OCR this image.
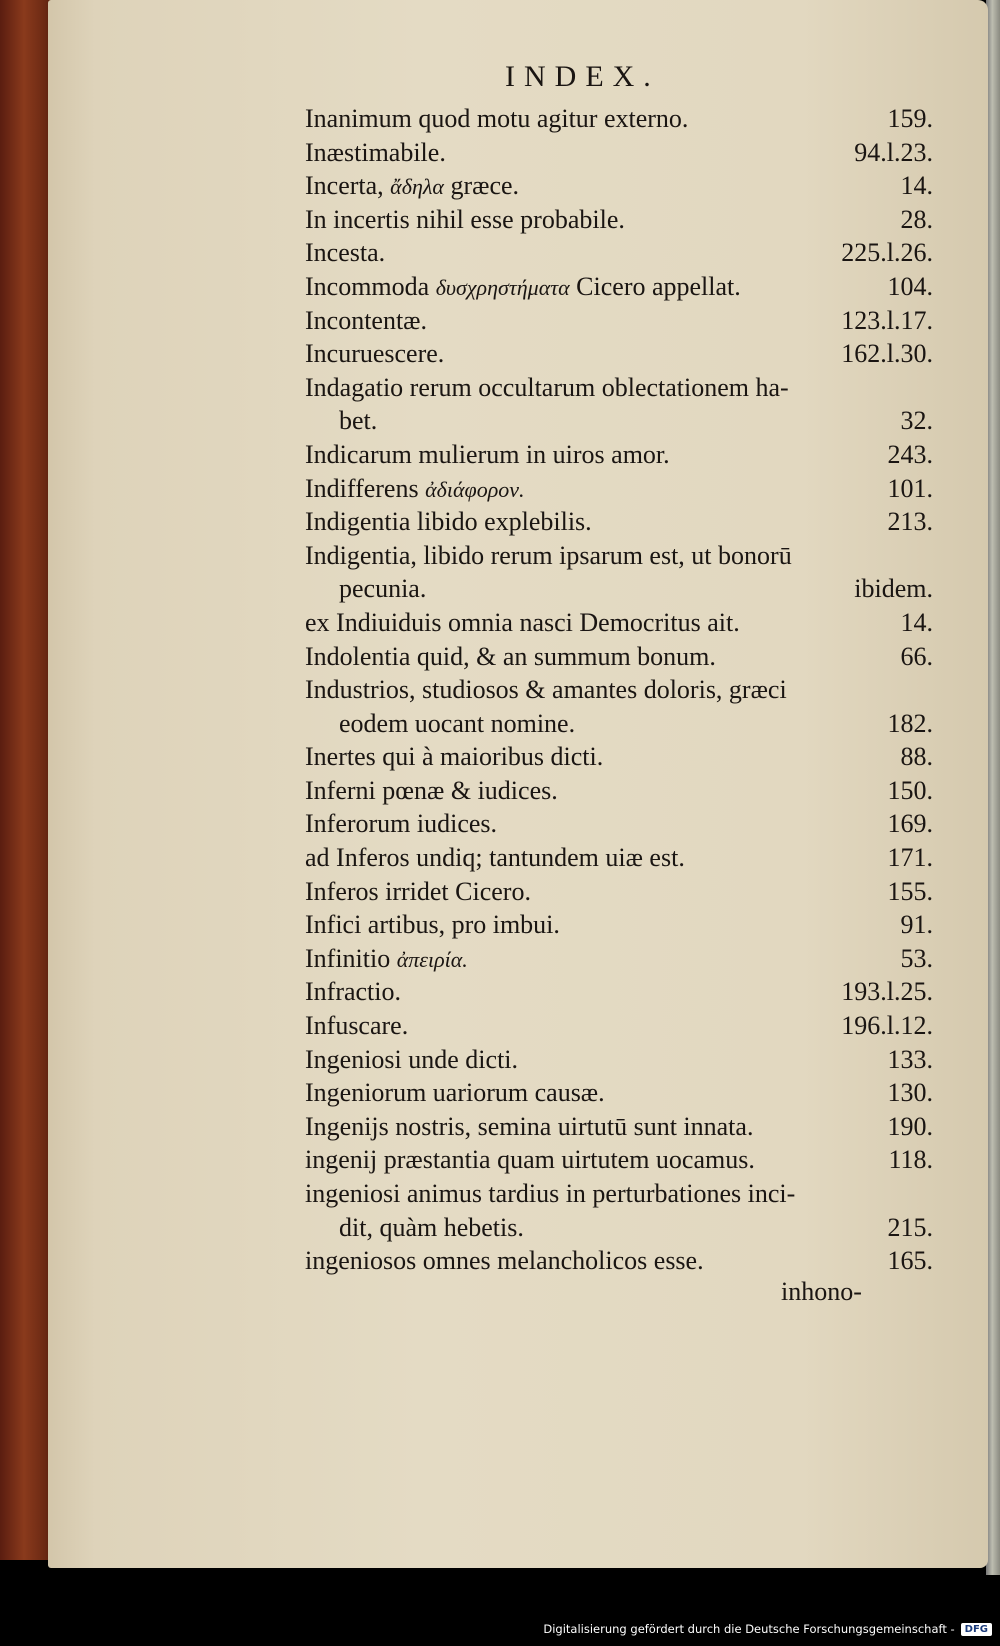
INDEX.
Inanimum quod motu agitur externo.	159.
Inæstimabile.	94.l.23.
Incerta, ἄδηλα græce.	14.
In incertis nihil esse probabile.	28.
Incesta.	225.l.26.
Incommoda δυσχρηστήματα Cicero appellat.	104.
Incontentæ.	123.l.17.
Incuruescere.	162.l.30.
Indagatio rerum occultarum oblectationem ha-
bet.	32.
Indicarum mulierum in uiros amor.	243.
Indifferens ἀδιάφορον.	101.
Indigentia libido explebilis.	213.
Indigentia, libido rerum ipsarum est, ut bonorū
pecunia.	ibidem.
ex Indiuiduis omnia nasci Democritus ait.	14.
Indolentia quid, & an summum bonum.	66.
Industrios, studiosos & amantes doloris, græci
eodem uocant nomine.	182.
Inertes qui à maioribus dicti.	88.
Inferni pœnæ & iudices.	150.
Inferorum iudices.	169.
ad Inferos undiq; tantundem uiæ est.	171.
Inferos irridet Cicero.	155.
Infici artibus, pro imbui.	91.
Infinitio ἀπειρία.	53.
Infractio.	193.l.25.
Infuscare.	196.l.12.
Ingeniosi unde dicti.	133.
Ingeniorum uariorum causæ.	130.
Ingenijs nostris, semina uirtutū sunt innata.	190.
ingenij præstantia quam uirtutem uocamus.	118.
ingeniosi animus tardius in perturbationes inci-
dit, quàm hebetis.	215.
ingeniosos omnes melancholicos esse.	165.
inhono-
Digitalisierung gefördert durch die Deutsche Forschungsgemeinschaft -	DFG
